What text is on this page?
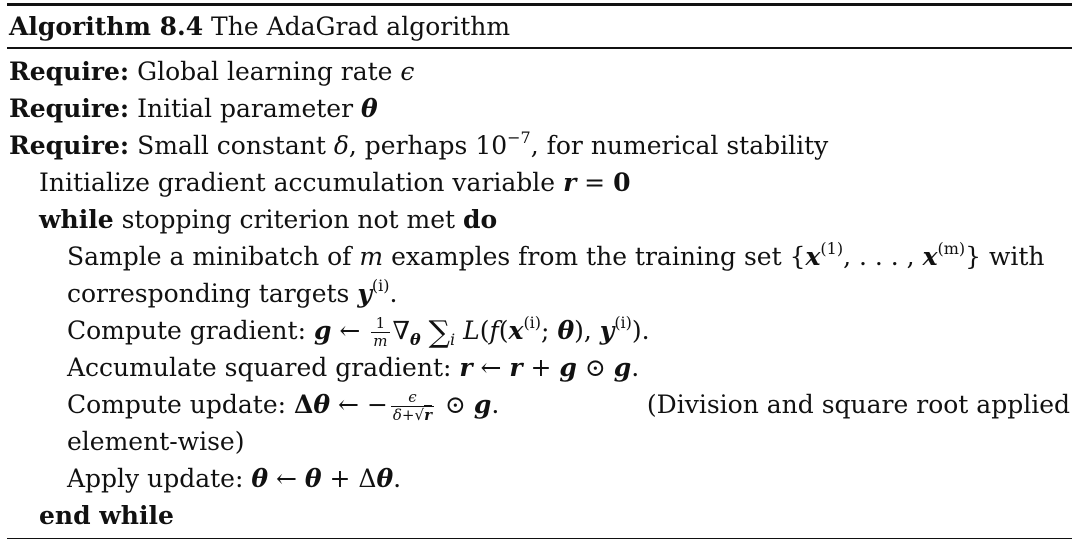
Algorithm 8.4 The AdaGrad algorithm
Require: Global learning rate ϵ
Require: Initial parameter θ
Require: Small constant δ, perhaps $10^{-7}$, for numerical stability
Initialize gradient accumulation variable r = 0
while stopping criterion not met do
Sample a minibatch of m examples from the training set {$x^{(1)}$, . . . , $x^{(m)}$} with
corresponding targets $y^{(i)}$.
Compute gradient: g ← $\frac{1}{m} \nabla_\theta$ $\sum_i$ $L(f(x^{(i)}$; θ), $y^{(i)}$).
Accumulate squared gradient: r ← r + g ⊙ g.
Compute update: Δθ ← − $\frac{\epsilon}{\delta+√r}$ ⊙ g.	(Division and square root applied
element-wise)
Apply update: θ ← θ + Δθ.
end while
